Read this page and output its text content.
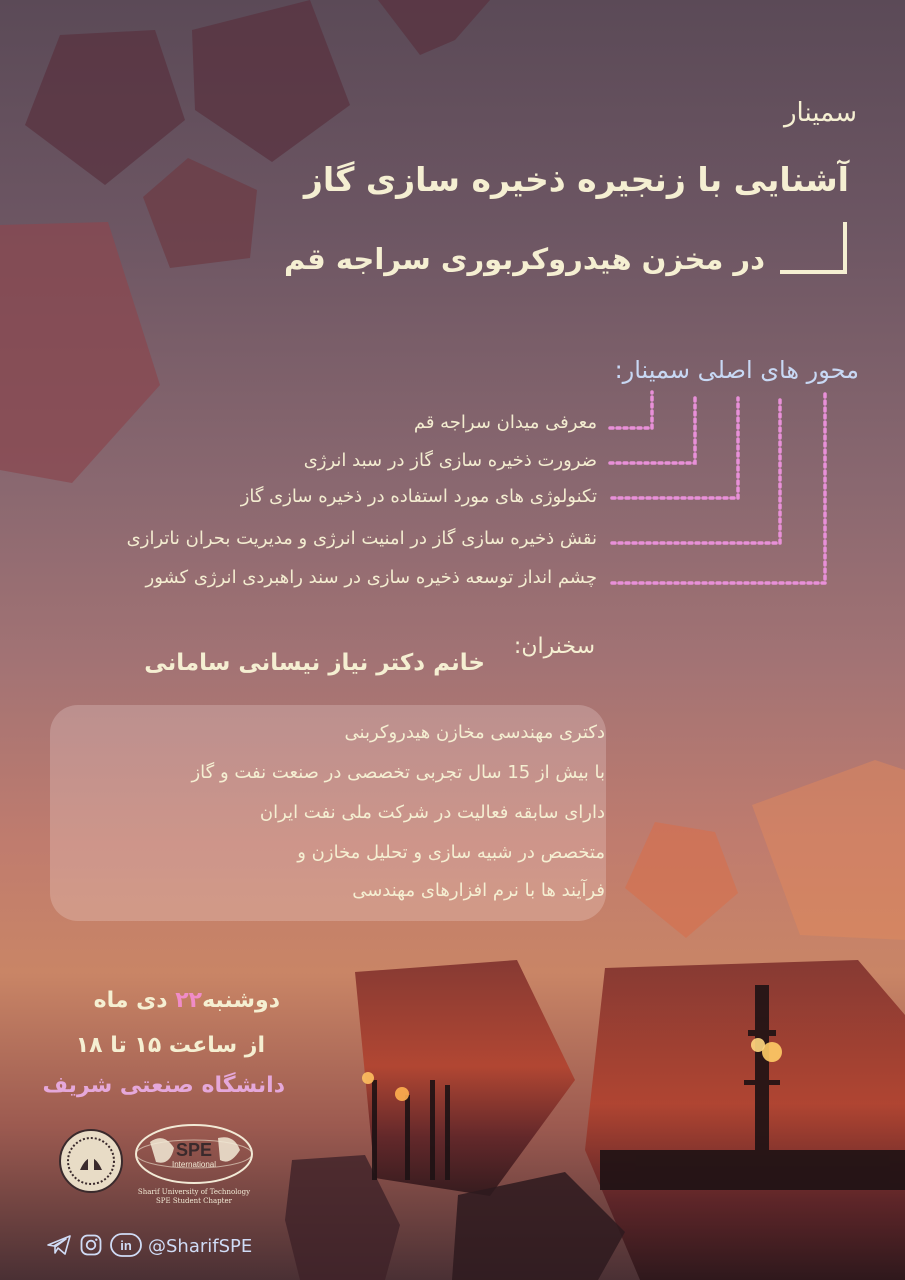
سمینار
آشنایی با زنجیره ذخیره سازی گاز
در مخزن هیدروکربوری سراجه قم
محور های اصلی سمینار:
معرفی میدان سراجه قم
ضرورت ذخیره سازی گاز در سبد انرژی
تکنولوژی های مورد استفاده در ذخیره سازی گاز
نقش ذخیره سازی گاز در امنیت انرژی و مدیریت بحران ناترازی
چشم انداز توسعه ذخیره سازی در سند راهبردی انرژی کشور
سخنران:
خانم دکتر نیاز نیسانی سامانی
دکتری مهندسی مخازن هیدروکربنی
با بیش از 15 سال تجربی تخصصی در صنعت نفت و گاز
دارای سابقه فعالیت در شرکت ملی نفت ایران
متخصص در شبیه سازی و تحلیل مخازن و
فرآیند ها با نرم افزارهای مهندسی
دوشنبه۲۲ دی ماه
از ساعت ۱۵ تا ۱۸
دانشگاه صنعتی شریف
SPE
International
Sharif University of Technology
SPE Student Chapter
in @SharifSPE
